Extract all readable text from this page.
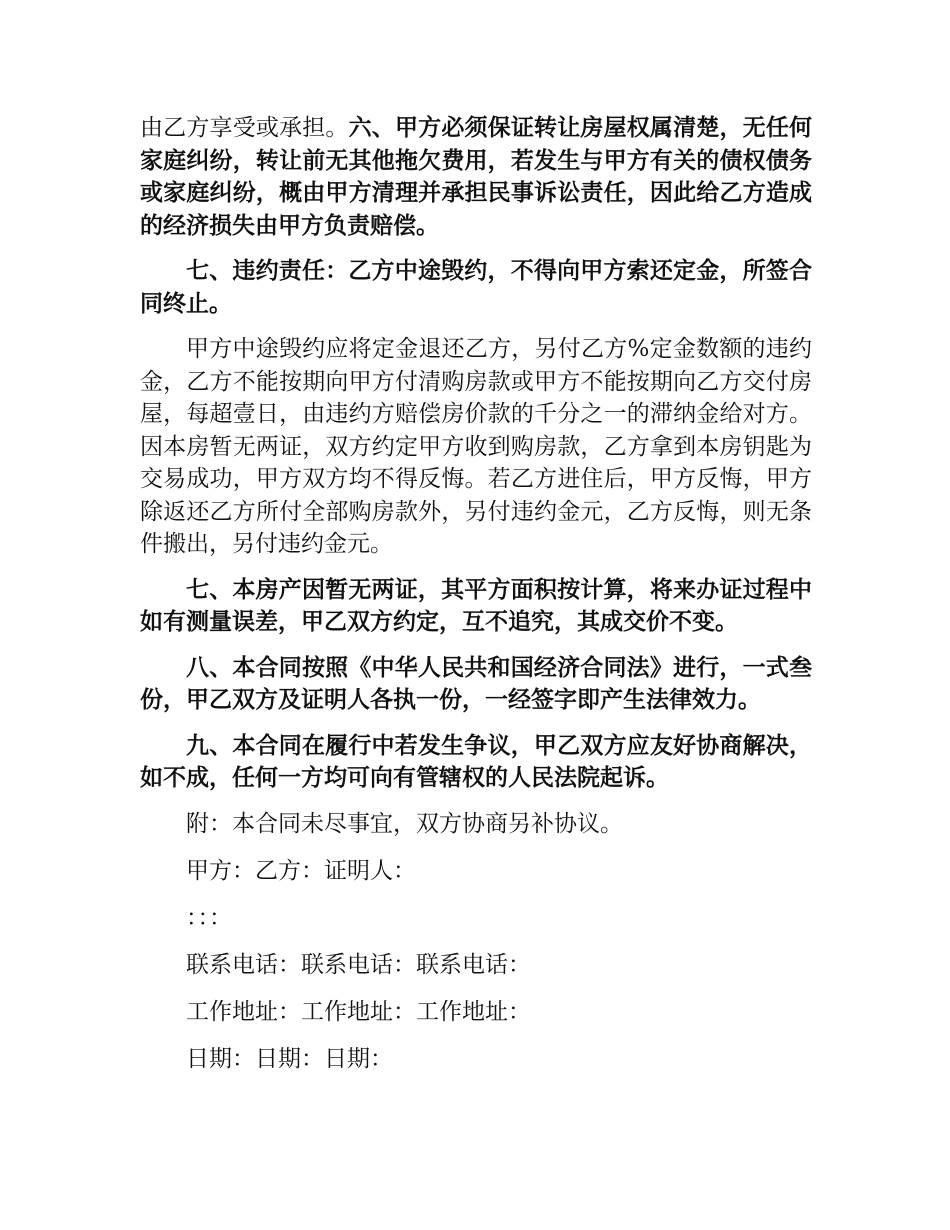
由乙方享受或承担。六、甲方必须保证转让房屋权属清楚，无任何家庭纠纷，转让前无其他拖欠费用，若发生与甲方有关的债权债务或家庭纠纷，概由甲方清理并承担民事诉讼责任，因此给乙方造成的经济损失由甲方负责赔偿。

七、违约责任：乙方中途毁约，不得向甲方索还定金，所签合同终止。

甲方中途毁约应将定金退还乙方，另付乙方%定金数额的违约金，乙方不能按期向甲方付清购房款或甲方不能按期向乙方交付房屋，每超壹日，由违约方赔偿房价款的千分之一的滞纳金给对方。因本房暂无两证，双方约定甲方收到购房款，乙方拿到本房钥匙为交易成功，甲方双方均不得反悔。若乙方进住后，甲方反悔，甲方除返还乙方所付全部购房款外，另付违约金元，乙方反悔，则无条件搬出，另付违约金元。

七、本房产因暂无两证，其平方面积按计算，将来办证过程中如有测量误差，甲乙双方约定，互不追究，其成交价不变。

八、本合同按照《中华人民共和国经济合同法》进行，一式叁份，甲乙双方及证明人各执一份，一经签字即产生法律效力。

九、本合同在履行中若发生争议，甲乙双方应友好协商解决，如不成，任何一方均可向有管辖权的人民法院起诉。

附：本合同未尽事宜，双方协商另补协议。
甲方：乙方：证明人：
：：：
联系电话：联系电话：联系电话：
工作地址：工作地址：工作地址：
日期：日期：日期：
